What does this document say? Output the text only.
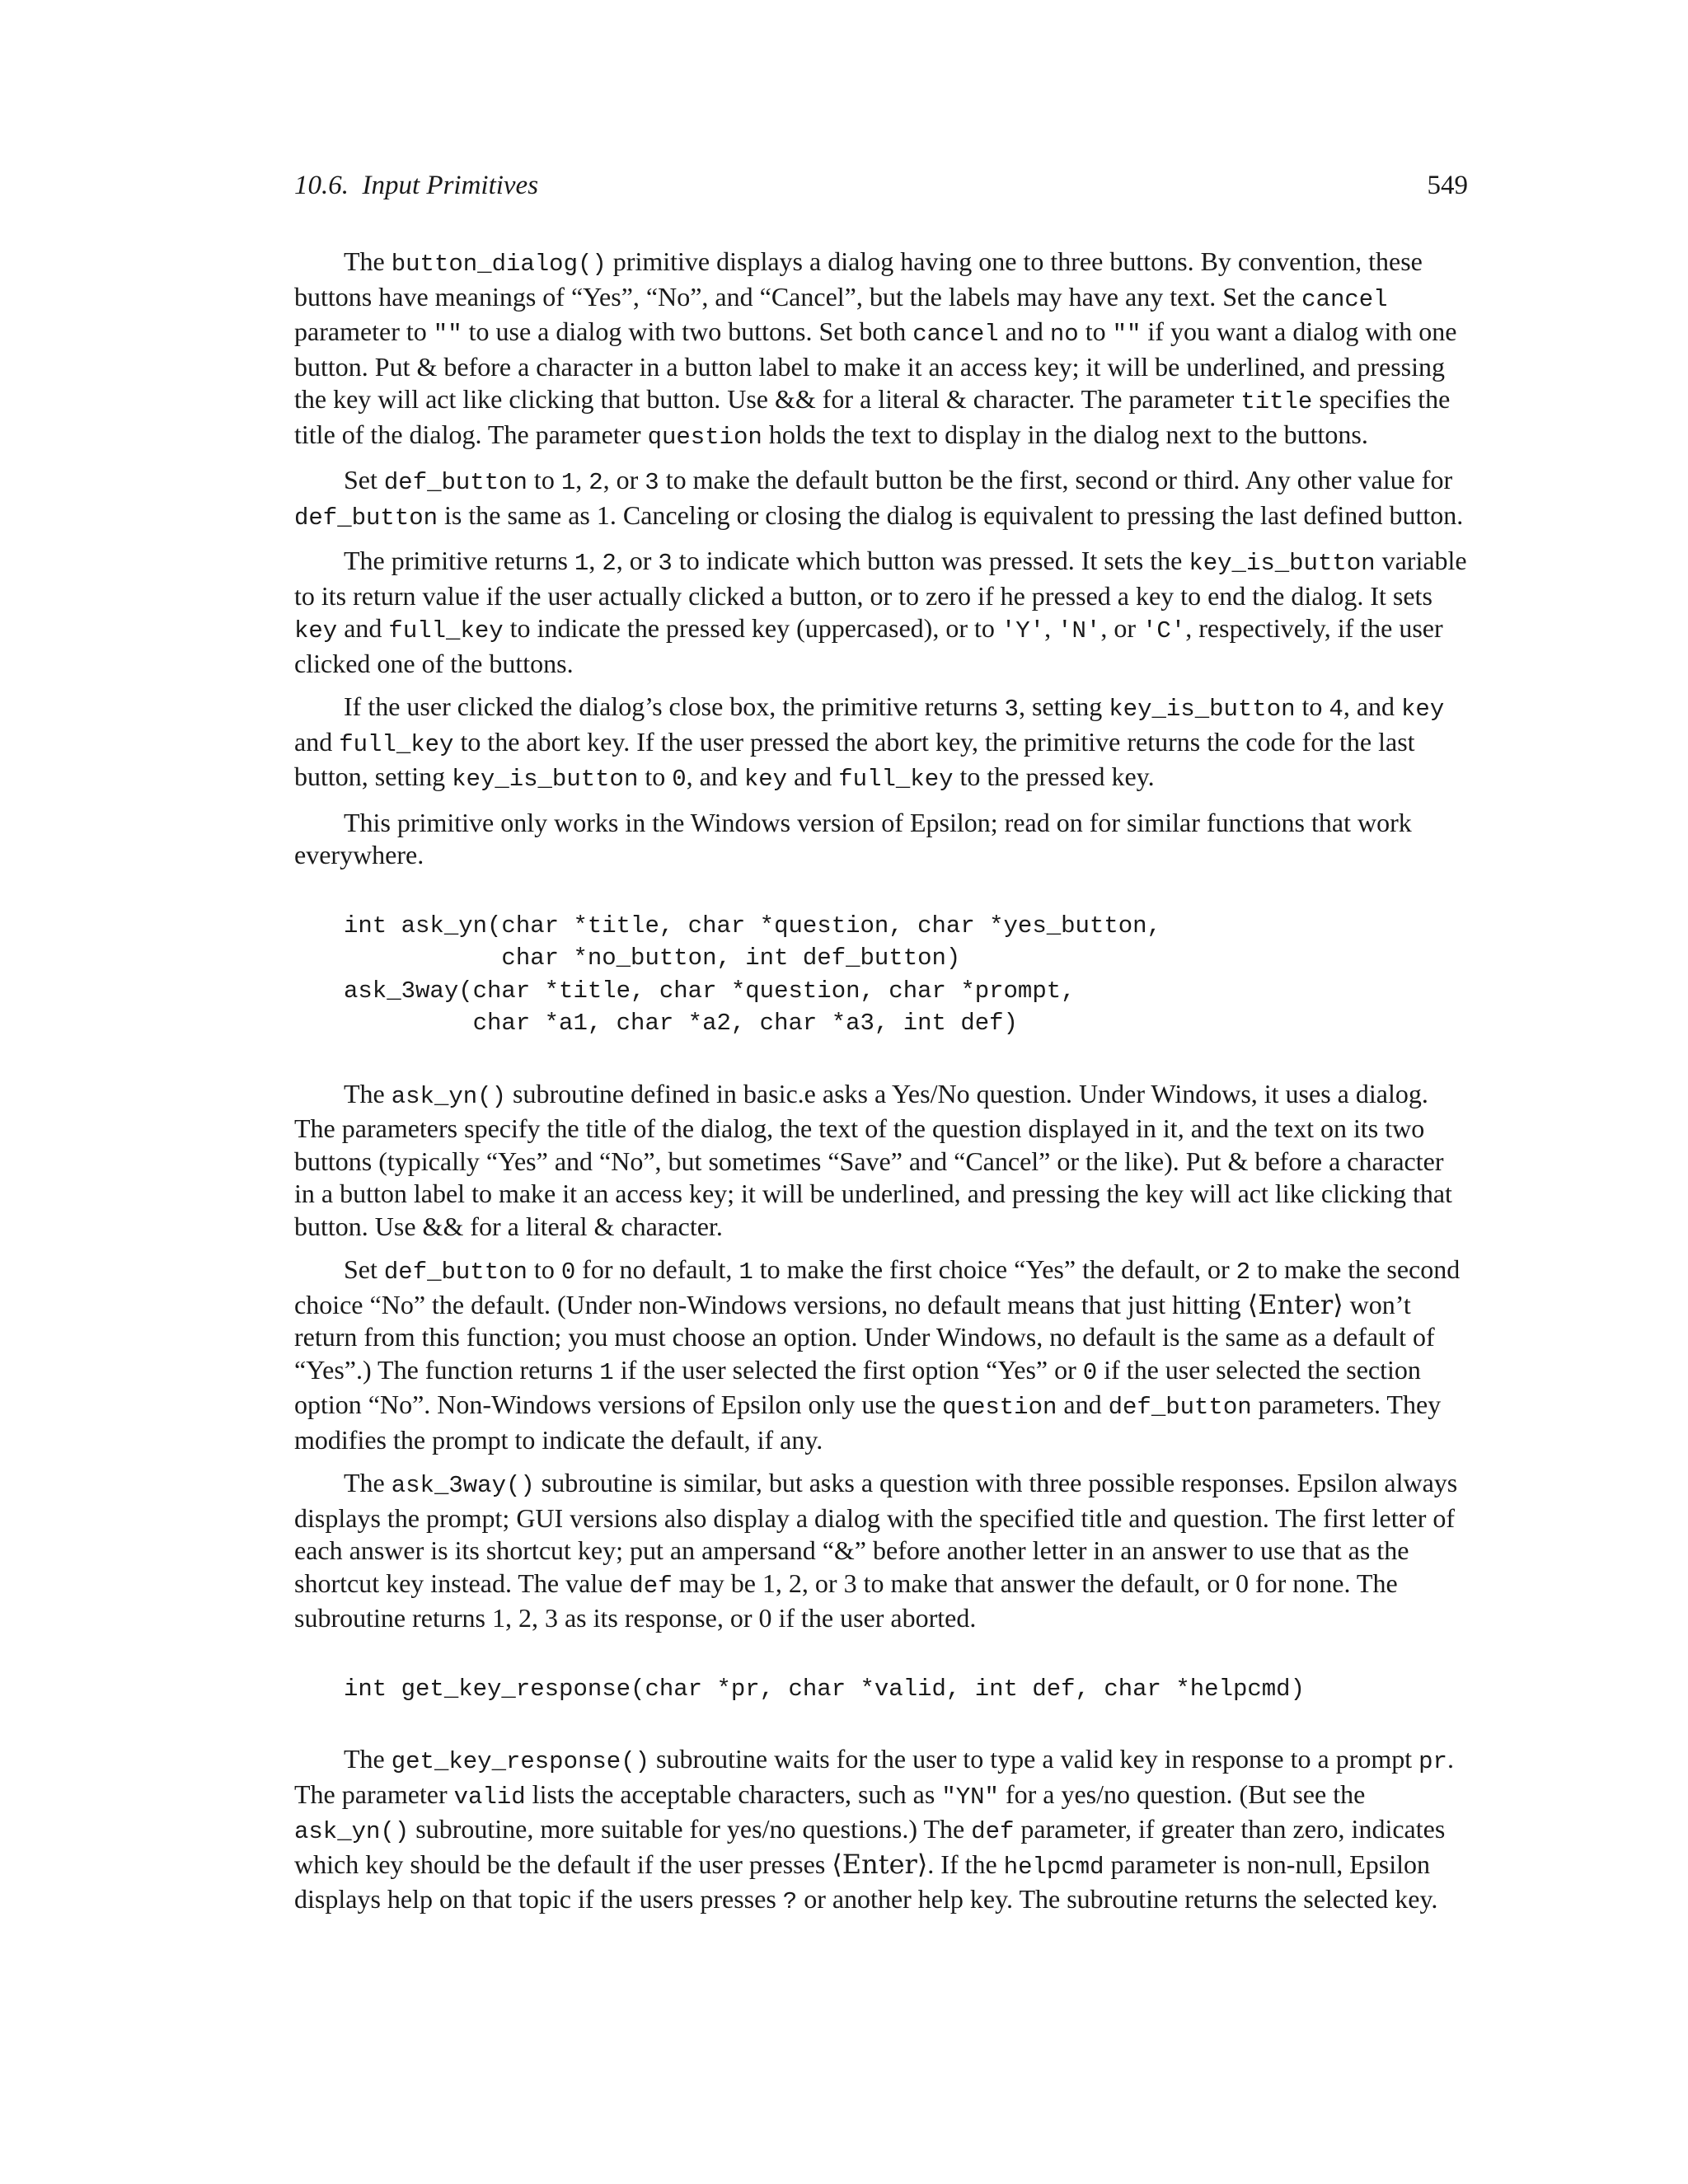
10.6.  Input Primitives	549

The button_dialog() primitive displays a dialog having one to three buttons. By convention, these buttons have meanings of “Yes”, “No”, and “Cancel”, but the labels may have any text. Set the cancel parameter to "" to use a dialog with two buttons. Set both cancel and no to "" if you want a dialog with one button. Put & before a character in a button label to make it an access key; it will be underlined, and pressing the key will act like clicking that button. Use && for a literal & character. The parameter title specifies the title of the dialog. The parameter question holds the text to display in the dialog next to the buttons.

Set def_button to 1, 2, or 3 to make the default button be the first, second or third. Any other value for def_button is the same as 1. Canceling or closing the dialog is equivalent to pressing the last defined button.

The primitive returns 1, 2, or 3 to indicate which button was pressed. It sets the key_is_button variable to its return value if the user actually clicked a button, or to zero if he pressed a key to end the dialog. It sets key and full_key to indicate the pressed key (uppercased), or to 'Y', 'N', or 'C', respectively, if the user clicked one of the buttons.

If the user clicked the dialog’s close box, the primitive returns 3, setting key_is_button to 4, and key and full_key to the abort key. If the user pressed the abort key, the primitive returns the code for the last button, setting key_is_button to 0, and key and full_key to the pressed key.

This primitive only works in the Windows version of Epsilon; read on for similar functions that work everywhere.

int ask_yn(char *title, char *question, char *yes_button,
char *no_button, int def_button)
ask_3way(char *title, char *question, char *prompt,
char *a1, char *a2, char *a3, int def)

The ask_yn() subroutine defined in basic.e asks a Yes/No question. Under Windows, it uses a dialog. The parameters specify the title of the dialog, the text of the question displayed in it, and the text on its two buttons (typically “Yes” and “No”, but sometimes “Save” and “Cancel” or the like). Put & before a character in a button label to make it an access key; it will be underlined, and pressing the key will act like clicking that button. Use && for a literal & character.

Set def_button to 0 for no default, 1 to make the first choice “Yes” the default, or 2 to make the second choice “No” the default. (Under non-Windows versions, no default means that just hitting ⟨Enter⟩ won’t return from this function; you must choose an option. Under Windows, no default is the same as a default of “Yes”.) The function returns 1 if the user selected the first option “Yes” or 0 if the user selected the section option “No”. Non-Windows versions of Epsilon only use the question and def_button parameters. They modifies the prompt to indicate the default, if any.

The ask_3way() subroutine is similar, but asks a question with three possible responses. Epsilon always displays the prompt; GUI versions also display a dialog with the specified title and question. The first letter of each answer is its shortcut key; put an ampersand “&” before another letter in an answer to use that as the shortcut key instead. The value def may be 1, 2, or 3 to make that answer the default, or 0 for none. The subroutine returns 1, 2, 3 as its response, or 0 if the user aborted.

int get_key_response(char *pr, char *valid, int def, char *helpcmd)

The get_key_response() subroutine waits for the user to type a valid key in response to a prompt pr. The parameter valid lists the acceptable characters, such as "YN" for a yes/no question. (But see the ask_yn() subroutine, more suitable for yes/no questions.) The def parameter, if greater than zero, indicates which key should be the default if the user presses ⟨Enter⟩. If the helpcmd parameter is non-null, Epsilon displays help on that topic if the users presses ? or another help key. The subroutine returns the selected key.
